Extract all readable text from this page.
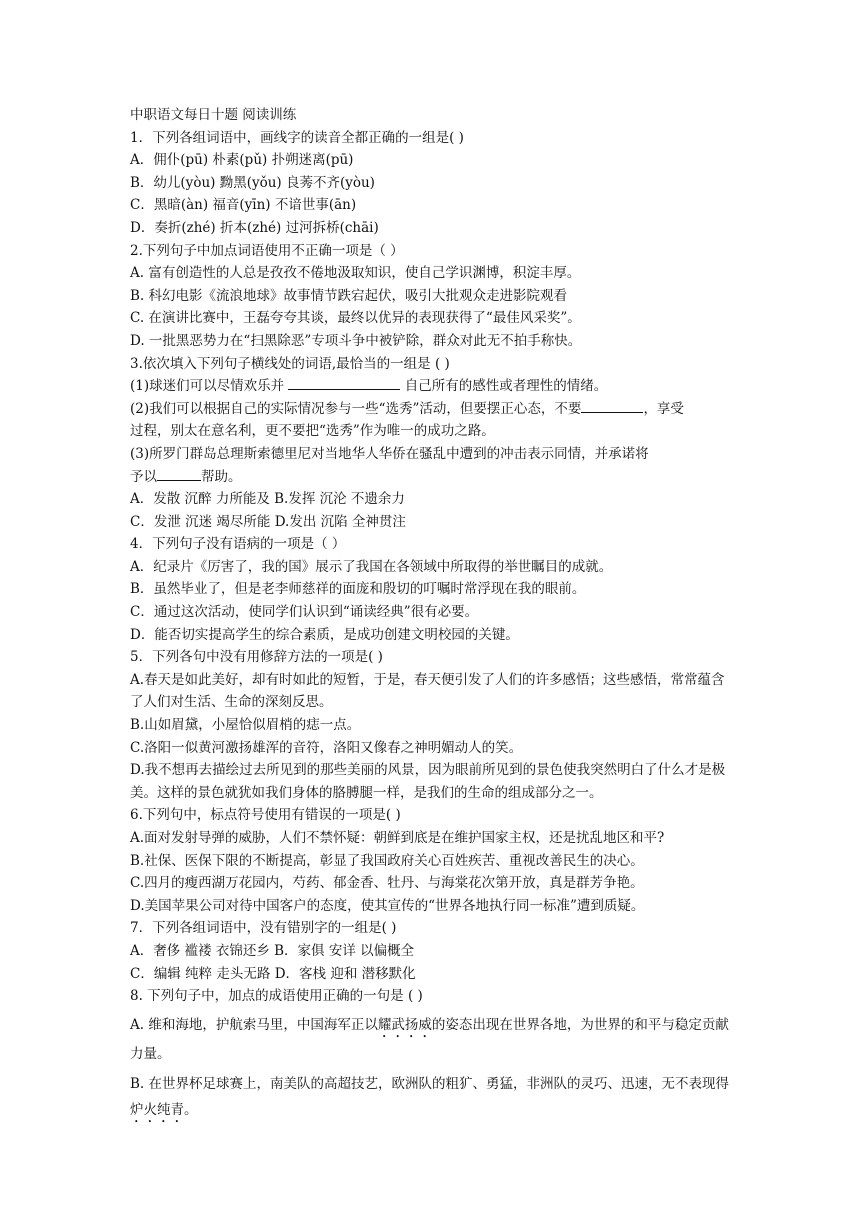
中职语文每日十题 阅读训练
1．下列各组词语中，画线字的读音全都正确的一组是( )
A．佣仆(pū) 朴素(pǔ) 扑朔迷离(pū)
B．幼儿(yòu) 黝黑(yǒu) 良莠不齐(yòu)
C．黑暗(àn) 福音(yīn) 不谙世事(ān)
D．奏折(zhé) 折本(zhé) 过河拆桥(chāi)
2.下列句子中加点词语使用不正确一项是（ ）
A. 富有创造性的人总是孜孜不倦地汲取知识，使自己学识渊博，积淀丰厚。
B. 科幻电影《流浪地球》故事情节跌宕起伏，吸引大批观众走进影院观看
C. 在演讲比赛中，王磊夸夸其谈，最终以优异的表现获得了“最佳风采奖”。
D. 一批黑恶势力在“扫黑除恶”专项斗争中被铲除，群众对此无不拍手称快。
3.依次填入下列句子横线处的词语,最恰当的一组是 ( )
(1)球迷们可以尽情欢乐并	自己所有的感性或者理性的情绪。
(2)我们可以根据自己的实际情况参与一些“选秀”活动，但要摆正心态，不要	，享受
过程，别太在意名利，更不要把“选秀”作为唯一的成功之路。
(3)所罗门群岛总理斯索德里尼对当地华人华侨在骚乱中遭到的冲击表示同情，并承诺将
予以	帮助。
A．发散 沉醉 力所能及 B.发挥 沉沦 不遗余力
C．发泄 沉迷 竭尽所能 D.发出 沉陷 全神贯注
4．下列句子没有语病的一项是（ ）
A．纪录片《厉害了，我的国》展示了我国在各领域中所取得的举世瞩目的成就。
B．虽然毕业了，但是老李师慈祥的面庞和殷切的叮嘱时常浮现在我的眼前。
C．通过这次活动，使同学们认识到“诵读经典”很有必要。
D．能否切实提高学生的综合素质，是成功创建文明校园的关键。
5．下列各句中没有用修辞方法的一项是( )
A.春天是如此美好，却有时如此的短暂，于是，春天便引发了人们的许多感悟；这些感悟，常常蕴含了人们对生活、生命的深刻反思。
B.山如眉黛，小屋恰似眉梢的痣一点。
C.洛阳一似黄河激扬雄浑的音符，洛阳又像春之神明媚动人的笑。
D.我不想再去描绘过去所见到的那些美丽的风景，因为眼前所见到的景色使我突然明白了什么才是极美。这样的景色就犹如我们身体的胳膊腿一样，是我们的生命的组成部分之一。
6.下列句中，标点符号使用有错误的一项是( )
A.面对发射导弹的威胁，人们不禁怀疑：朝鲜到底是在维护国家主权，还是扰乱地区和平?
B.社保、医保下限的不断提高，彰显了我国政府关心百姓疾苦、重视改善民生的决心。
C.四月的瘦西湖万花园内，芍药、郁金香、牡丹、与海棠花次第开放，真是群芳争艳。
D.美国苹果公司对待中国客户的态度，使其宣传的“世界各地执行同一标准”遭到质疑。
7．下列各组词语中，没有错别字的一组是( )
A．奢侈 褴褛 衣锦还乡 B．家俱 安详 以偏概全
C．编辑 纯粹 走头无路 D．客栈 迎和 潜移默化
8. 下列句子中，加点的成语使用正确的一句是 ( )
A. 维和海地，护航索马里，中国海军正以耀武扬威的姿态出现在世界各地，为世界的和平与稳定贡献力量。
B. 在世界杯足球赛上，南美队的高超技艺，欧洲队的粗犷、勇猛，非洲队的灵巧、迅速，无不表现得炉火纯青。
